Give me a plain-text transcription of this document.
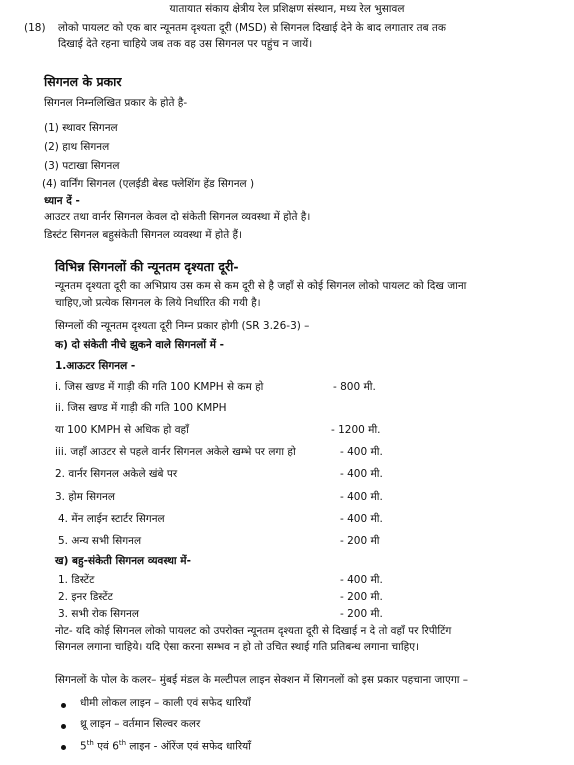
यातायात संकाय क्षेत्रीय रेल प्रशिक्षण संस्थान, मध्य रेल भुसावल
(18) लोको पायलट को एक बार न्यूनतम दृश्यता दूरी (MSD) से सिगनल दिखाई देने के बाद लगातार तब तक
दिखाई देते रहना चाहिये जब तक वह उस सिगनल पर पहुंच न जायें।
सिगनल के प्रकार
सिगनल निम्नलिखित प्रकार के होते है-
(1) स्थावर सिगनल
(2) हाथ सिगनल
(3) पटाखा सिगनल
(4) वार्निंग सिगनल (एलईडी बेस्ड फ्लेशिंग हेंड सिगनल )
ध्यान दें -
आउटर तथा वार्नर सिगनल केवल दो संकेती सिगनल व्यवस्था में होते है।
डिस्टंट सिगनल बहुसंकेती सिगनल व्यवस्था में होते हैं।
विभिन्न सिगनलों की न्यूनतम दृश्यता दूरी-
न्यूनतम दृश्यता दूरी का अभिप्राय उस कम से कम दूरी से है जहाँ से कोई सिगनल लोको पायलट को दिख जाना
चाहिए,जो प्रत्येक सिगनल के लिये निर्धारित की गयी है।
सिग्नलों की न्यूनतम दृश्यता दूरी निम्न प्रकार होगी (SR 3.26-3) –
क) दो संकेती नीचे झुकने वाले सिगनलों में -
1.आऊटर सिगनल -
i. जिस खण्ड में गाड़ी की गति 100 KMPH से कम हो	- 800 मी.
ii. जिस खण्ड में गाड़ी की गति 100 KMPH
या 100 KMPH से अधिक हो वहाँ	- 1200 मी.
iii. जहाँ आउटर से पहले वार्नर सिगनल अकेले खम्भे पर लगा हो	- 400 मी.
2. वार्नर सिगनल अकेले खंबे पर	- 400 मी.
3. होम सिगनल	- 400 मी.
4. मेंन लाईन स्टार्टर सिगनल	- 400 मी.
5. अन्य सभी सिगनल	- 200 मी
ख) बहु-संकेती सिगनल व्यवस्था में-
1. डिस्टेंट	- 400 मी.
2. इनर डिस्टेंट	- 200 मी.
3. सभी रोक सिगनल	- 200 मी.
नोट- यदि कोई सिगनल लोको पायलट को उपरोक्त न्यूनतम दृश्यता दूरी से दिखाई न दे तो वहाँ पर रिपीटिंग
सिगनल लगाना चाहिये। यदि ऐसा करना सम्भव न हो तो उचित स्थाई गति प्रतिबन्ध लगाना चाहिए।
सिगनलों के पोल के कलर– मुंबई मंडल के मल्टीपल लाइन सेक्शन में सिगनलों को इस प्रकार पहचाना जाएगा –
धीमी लोकल लाइन – काली एवं सफेद धारियाँ
थ्रू लाइन – वर्तमान सिल्वर कलर
5th एवं 6th लाइन - ऑरेंज एवं सफेद धारियाँ
